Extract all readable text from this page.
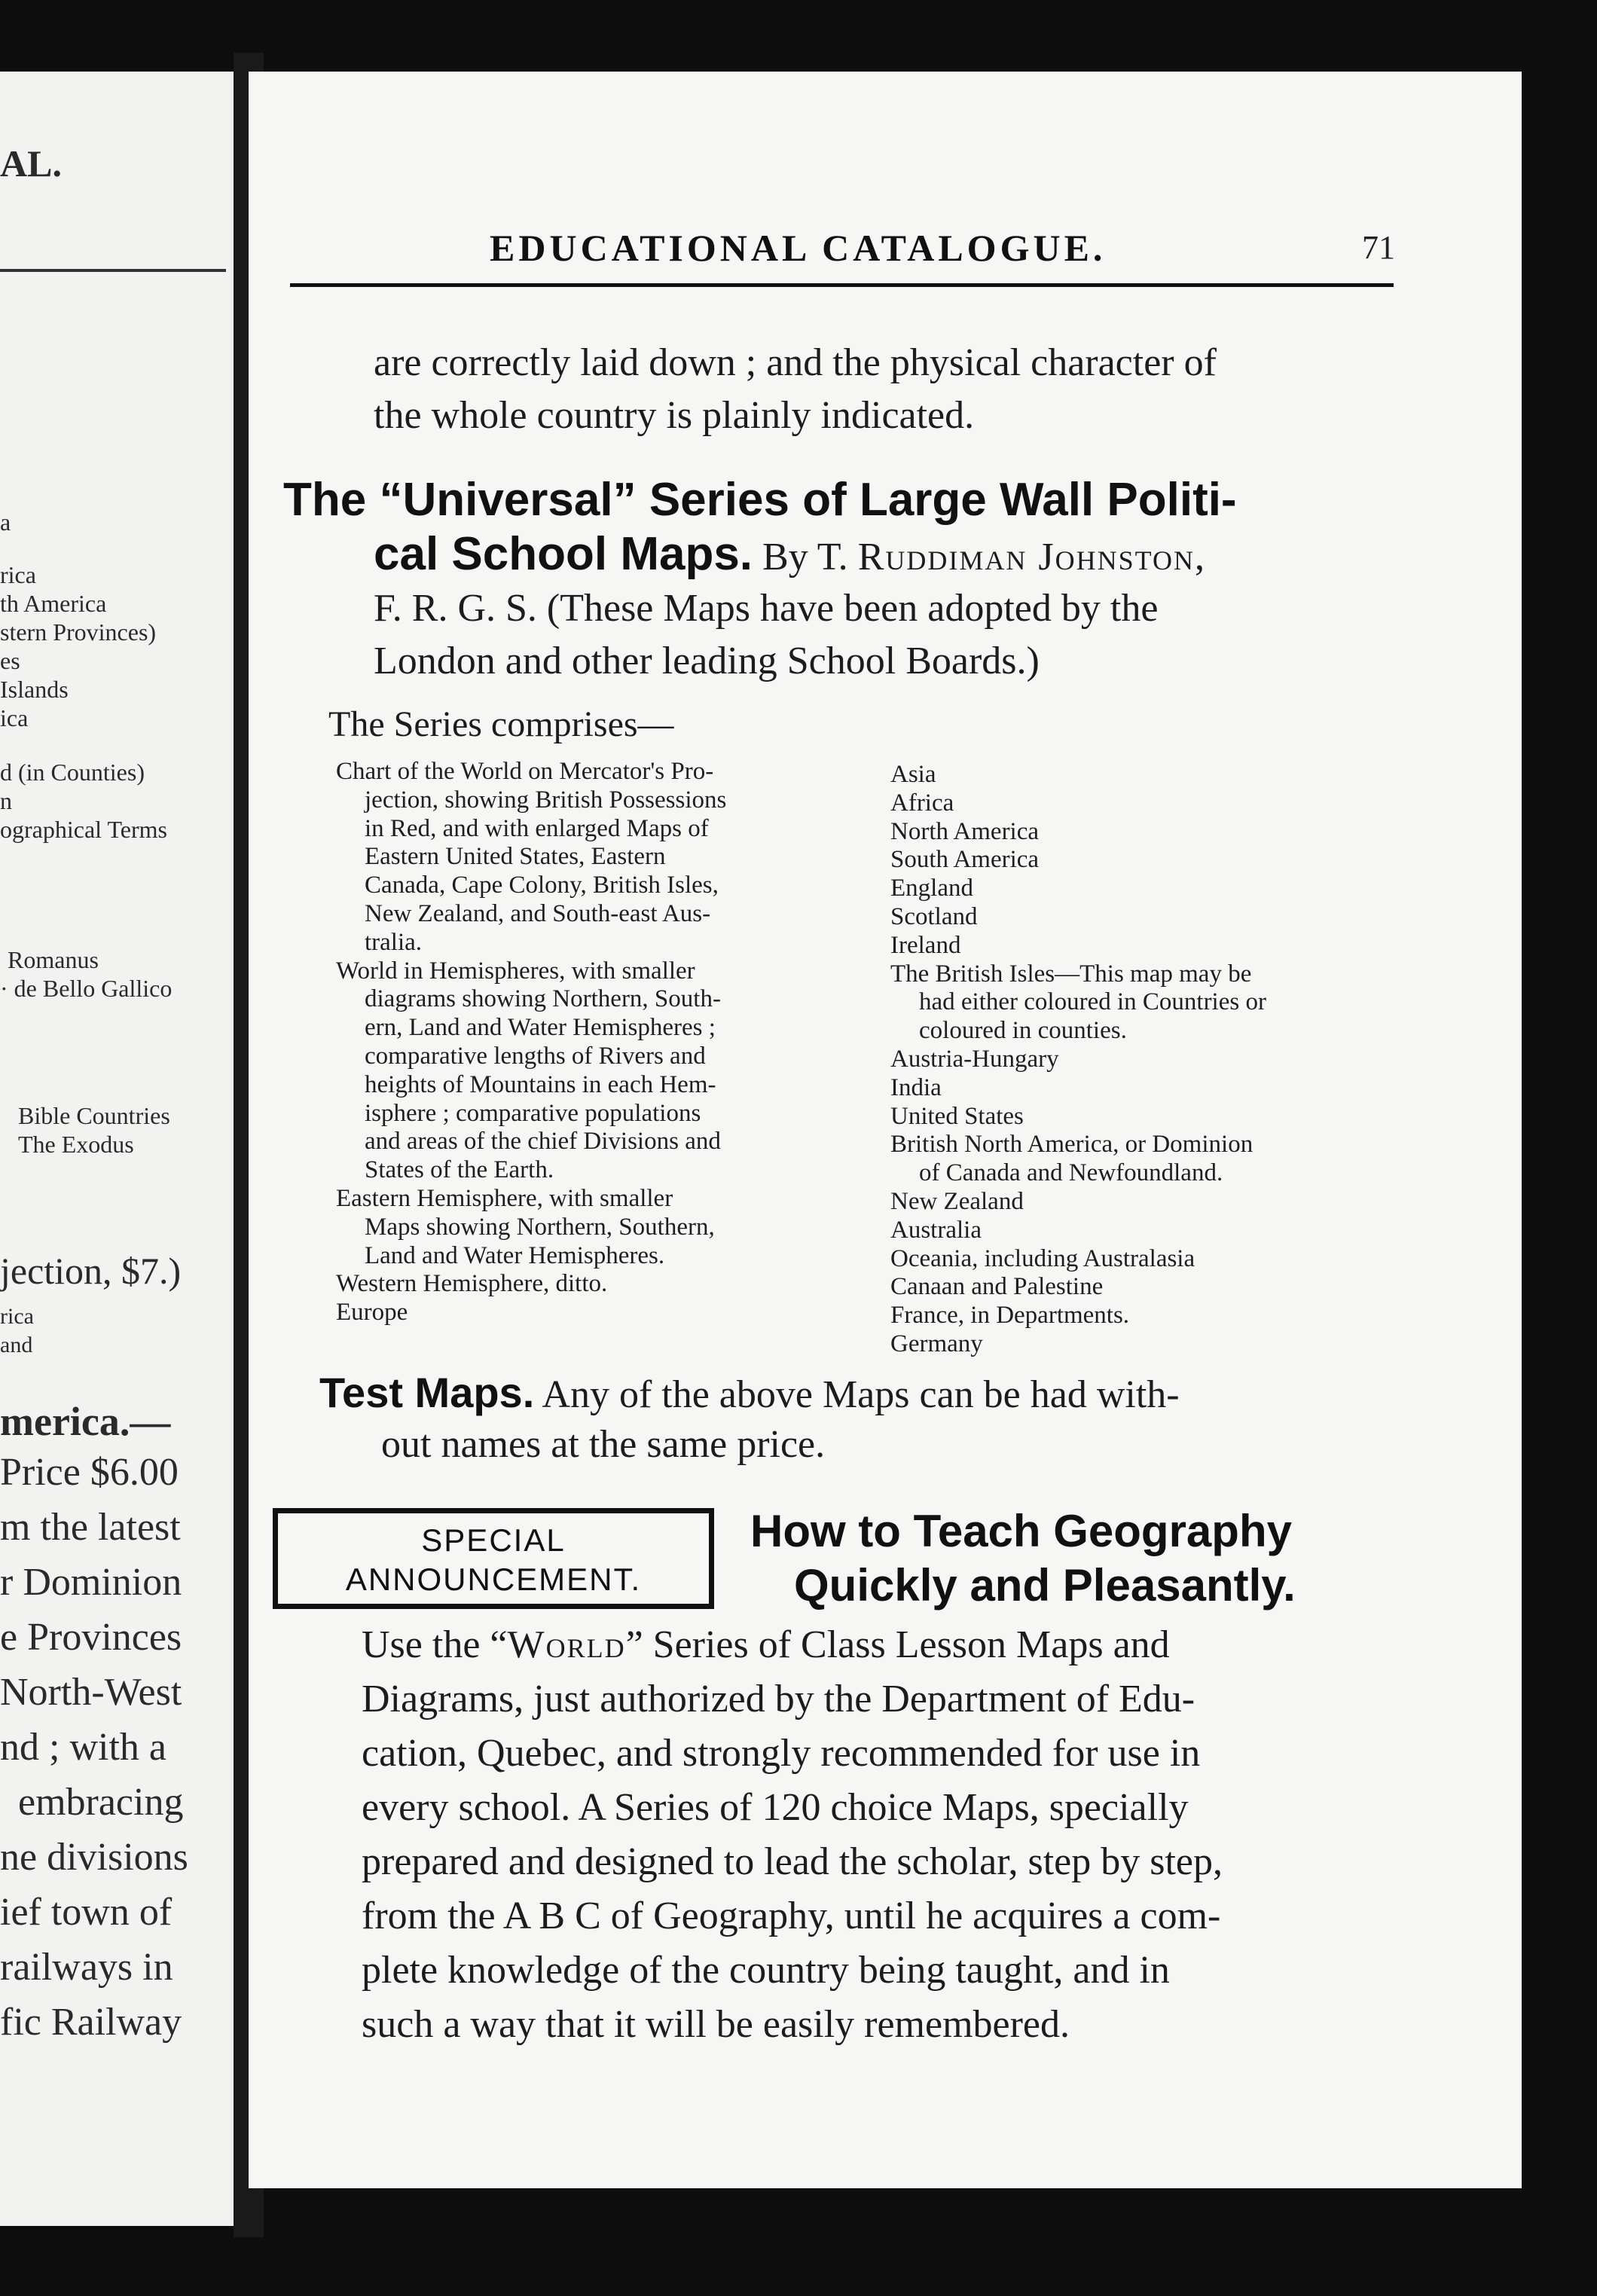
AL.
a
rica
th America
stern Provinces)
es
Islands
ica
d (in Counties)
n
ographical Terms
Romanus
· de Bello Gallico
Bible Countries
The Exodus
jection, $7.)
rica
and
merica.—
Price $6.00
m the latest
r Dominion
e Provinces
North-West
nd ; with a
embracing
ne divisions
ief town of
railways in
fic Railway
EDUCATIONAL CATALOGUE.	71
are correctly laid down ; and the physical character of
the whole country is plainly indicated.
The “Universal” Series of Large Wall Politi-
cal School Maps. By T. Ruddiman Johnston,
F. R. G. S. (These Maps have been adopted by the
London and other leading School Boards.)
The Series comprises—
Chart of the World on Mercator's Pro-
jection, showing British Possessions
in Red, and with enlarged Maps of
Eastern United States, Eastern
Canada, Cape Colony, British Isles,
New Zealand, and South-east Aus-
tralia.
World in Hemispheres, with smaller
diagrams showing Northern, South-
ern, Land and Water Hemispheres ;
comparative lengths of Rivers and
heights of Mountains in each Hem-
isphere ; comparative populations
and areas of the chief Divisions and
States of the Earth.
Eastern Hemisphere, with smaller
Maps showing Northern, Southern,
Land and Water Hemispheres.
Western Hemisphere, ditto.
Europe
Asia
Africa
North America
South America
England
Scotland
Ireland
The British Isles—This map may be
had either coloured in Countries or
coloured in counties.
Austria-Hungary
India
United States
British North America, or Dominion
of Canada and Newfoundland.
New Zealand
Australia
Oceania, including Australasia
Canaan and Palestine
France, in Departments.
Germany
Test Maps. Any of the above Maps can be had with-
out names at the same price.
SPECIAL
ANNOUNCEMENT.
How to Teach Geography
Quickly and Pleasantly.
Use the “World” Series of Class Lesson Maps and
Diagrams, just authorized by the Department of Edu-
cation, Quebec, and strongly recommended for use in
every school. A Series of 120 choice Maps, specially
prepared and designed to lead the scholar, step by step,
from the A B C of Geography, until he acquires a com-
plete knowledge of the country being taught, and in
such a way that it will be easily remembered.
